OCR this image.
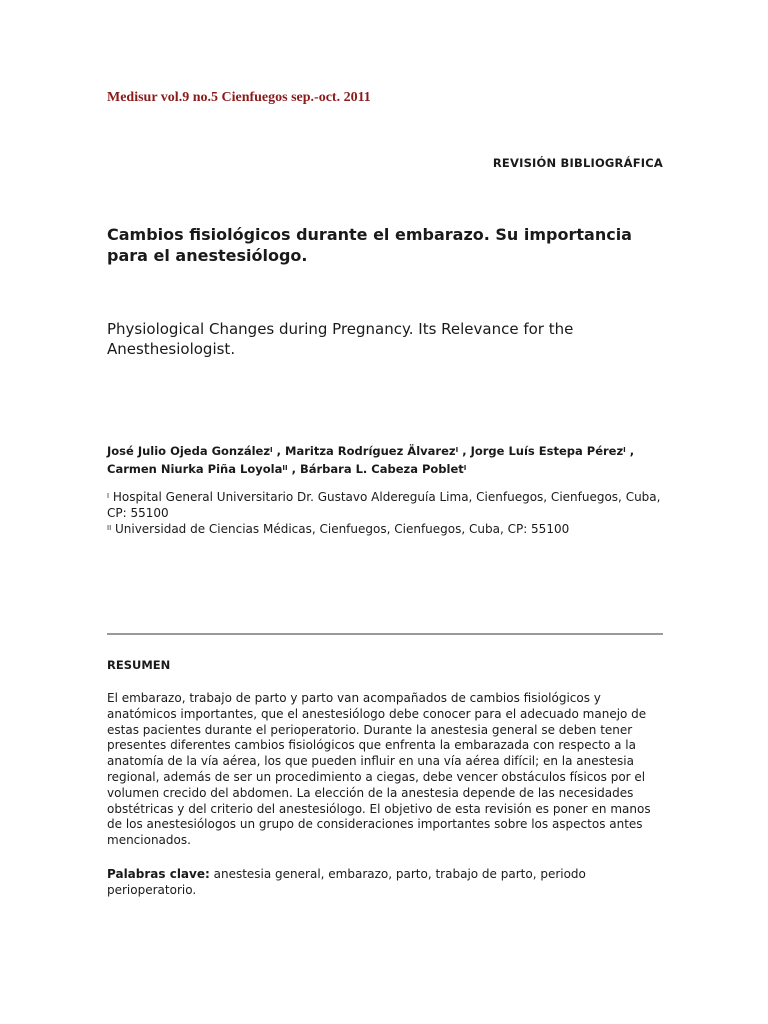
Medisur vol.9 no.5 Cienfuegos sep.-oct. 2011
REVISIÓN BIBLIOGRÁFICA
Cambios fisiológicos durante el embarazo. Su importancia para el anestesiólogo.
Physiological Changes during Pregnancy. Its Relevance for the Anesthesiologist.
José Julio Ojeda González$^I$ , Maritza Rodríguez Älvarez$^I$ , Jorge Luís Estepa Pérez$^I$ , Carmen Niurka Piña Loyola$^{II}$ , Bárbara L. Cabeza Poblet$^I$
$^I$ Hospital General Universitario Dr. Gustavo Aldereguía Lima, Cienfuegos, Cienfuegos, Cuba, CP: 55100
$^{II}$ Universidad de Ciencias Médicas, Cienfuegos, Cienfuegos, Cuba, CP: 55100
RESUMEN
El embarazo, trabajo de parto y parto van acompañados de cambios fisiológicos y anatómicos importantes, que el anestesiólogo debe conocer para el adecuado manejo de estas pacientes durante el perioperatorio. Durante la anestesia general se deben tener presentes diferentes cambios fisiológicos que enfrenta la embarazada con respecto a la anatomía de la vía aérea, los que pueden influir en una vía aérea difícil; en la anestesia regional, además de ser un procedimiento a ciegas, debe vencer obstáculos físicos por el volumen crecido del abdomen. La elección de la anestesia depende de las necesidades obstétricas y del criterio del anestesiólogo. El objetivo de esta revisión es poner en manos de los anestesiólogos un grupo de consideraciones importantes sobre los aspectos antes mencionados.
Palabras clave: anestesia general, embarazo, parto, trabajo de parto, periodo perioperatorio.
